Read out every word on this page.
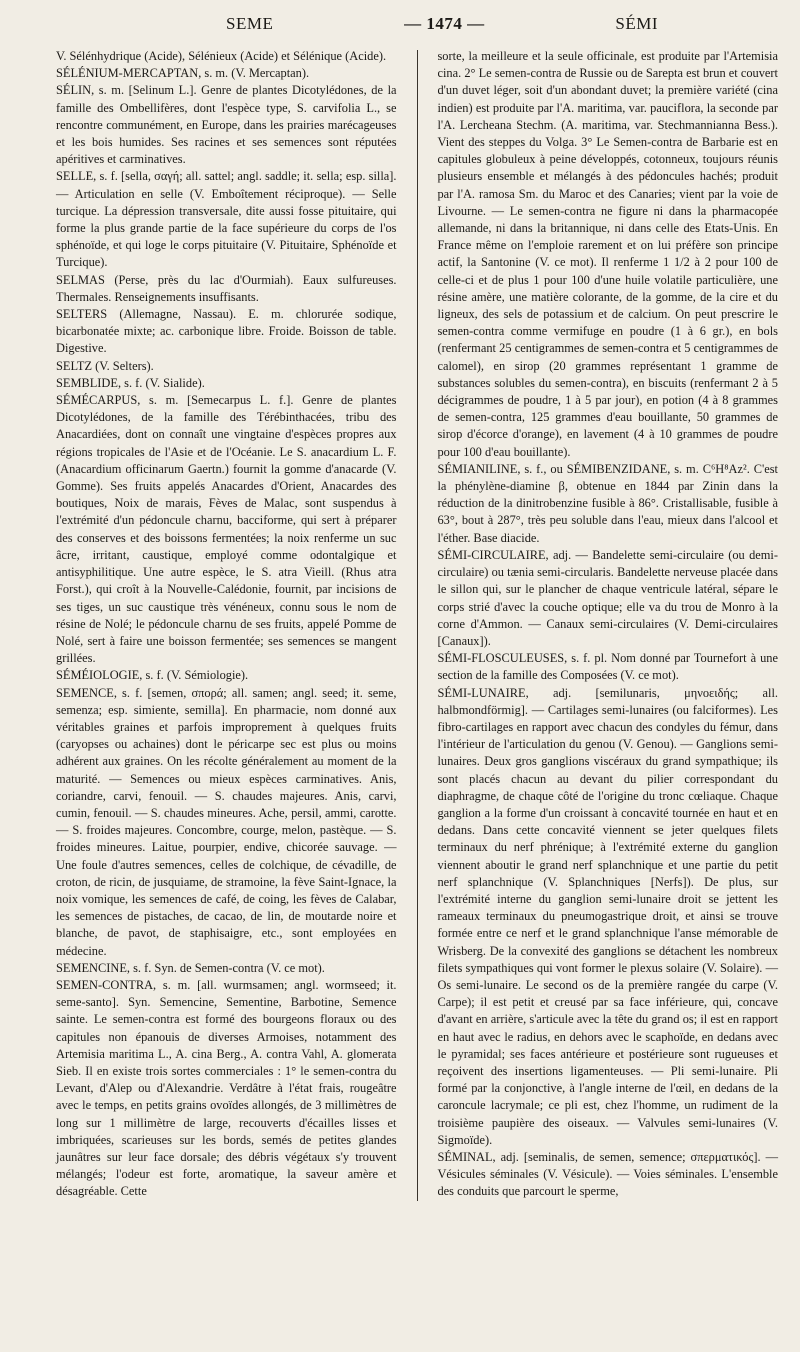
SEME	— 1474 —	SÉMI

V. Sélénhydrique (Acide), Sélénieux (Acide) et Sélénique (Acide).

SÉLÉNIUM-MERCAPTAN, s. m. (V. Mercaptan).

SÉLIN, s. m. [Selinum L.]. Genre de plantes Dicotylédones, de la famille des Ombellifères, dont l'espèce type, S. carvifolia L., se rencontre communément, en Europe, dans les prairies marécageuses et les bois humides. Ses racines et ses semences sont réputées apéritives et carminatives.

SELLE, s. f. [sella, σαγή; all. sattel; angl. saddle; it. sella; esp. silla]. — Articulation en selle (V. Emboîtement réciproque). — Selle turcique. La dépression transversale, dite aussi fosse pituitaire, qui forme la plus grande partie de la face supérieure du corps de l'os sphénoïde, et qui loge le corps pituitaire (V. Pituitaire, Sphénoïde et Turcique).

SELMAS (Perse, près du lac d'Ourmiah). Eaux sulfureuses. Thermales. Renseignements insuffisants.

SELTERS (Allemagne, Nassau). E. m. chlorurée sodique, bicarbonatée mixte; ac. carbonique libre. Froide. Boisson de table. Digestive.

SELTZ (V. Selters).

SEMBLIDE, s. f. (V. Sialide).

SÉMÉCARPUS, s. m. [Semecarpus L. f.]. Genre de plantes Dicotylédones, de la famille des Térébinthacées, tribu des Anacardiées, dont on connaît une vingtaine d'espèces propres aux régions tropicales de l'Asie et de l'Océanie. Le S. anacardium L. F. (Anacardium officinarum Gaertn.) fournit la gomme d'anacarde (V. Gomme). Ses fruits appelés Anacardes d'Orient, Anacardes des boutiques, Noix de marais, Fèves de Malac, sont suspendus à l'extrémité d'un pédoncule charnu, bacciforme, qui sert à préparer des conserves et des boissons fermentées; la noix renferme un suc âcre, irritant, caustique, employé comme odontalgique et antisyphilitique. Une autre espèce, le S. atra Vieill. (Rhus atra Forst.), qui croît à la Nouvelle-Calédonie, fournit, par incisions de ses tiges, un suc caustique très vénéneux, connu sous le nom de résine de Nolé; le pédoncule charnu de ses fruits, appelé Pomme de Nolé, sert à faire une boisson fermentée; ses semences se mangent grillées.

SÉMÉIOLOGIE, s. f. (V. Sémiologie).

SEMENCE, s. f. [semen, σπορά; all. samen; angl. seed; it. seme, semenza; esp. simiente, semilla]. En pharmacie, nom donné aux véritables graines et parfois improprement à quelques fruits (caryopses ou achaines) dont le péricarpe sec est plus ou moins adhérent aux graines. On les récolte généralement au moment de la maturité. — Semences ou mieux espèces carminatives. Anis, coriandre, carvi, fenouil. — S. chaudes majeures. Anis, carvi, cumin, fenouil. — S. chaudes mineures. Ache, persil, ammi, carotte. — S. froides majeures. Concombre, courge, melon, pastèque. — S. froides mineures. Laitue, pourpier, endive, chicorée sauvage. — Une foule d'autres semences, celles de colchique, de cévadille, de croton, de ricin, de jusquiame, de stramoine, la fève Saint-Ignace, la noix vomique, les semences de café, de coing, les fèves de Calabar, les semences de pistaches, de cacao, de lin, de moutarde noire et blanche, de pavot, de staphisaigre, etc., sont employées en médecine.

SEMENCINE, s. f. Syn. de Semen-contra (V. ce mot).

SEMEN-CONTRA, s. m. [all. wurmsamen; angl. wormseed; it. seme-santo]. Syn. Semencine, Sementine, Barbotine, Semence sainte. Le semen-contra est formé des bourgeons floraux ou des capitules non épanouis de diverses Armoises, notamment des Artemisia maritima L., A. cina Berg., A. contra Vahl, A. glomerata Sieb. Il en existe trois sortes commerciales : 1° le semen-contra du Levant, d'Alep ou d'Alexandrie. Verdâtre à l'état frais, rougeâtre avec le temps, en petits grains ovoïdes allongés, de 3 millimètres de long sur 1 millimètre de large, recouverts d'écailles lisses et imbriquées, scarieuses sur les bords, semés de petites glandes jaunâtres sur leur face dorsale; des débris végétaux s'y trouvent mélangés; l'odeur est forte, aromatique, la saveur amère et désagréable. Cette

sorte, la meilleure et la seule officinale, est produite par l'Artemisia cina. 2° Le semen-contra de Russie ou de Sarepta est brun et couvert d'un duvet léger, soit d'un abondant duvet; la première variété (cina indien) est produite par l'A. maritima, var. pauciflora, la seconde par l'A. Lercheana Stechm. (A. maritima, var. Stechmannianna Bess.). Vient des steppes du Volga. 3° Le Semen-contra de Barbarie est en capitules globuleux à peine développés, cotonneux, toujours réunis plusieurs ensemble et mélangés à des pédoncules hachés; produit par l'A. ramosa Sm. du Maroc et des Canaries; vient par la voie de Livourne. — Le semen-contra ne figure ni dans la pharmacopée allemande, ni dans la britannique, ni dans celle des Etats-Unis. En France même on l'emploie rarement et on lui préfère son principe actif, la Santonine (V. ce mot). Il renferme 1 1/2 à 2 pour 100 de celle-ci et de plus 1 pour 100 d'une huile volatile particulière, une résine amère, une matière colorante, de la gomme, de la cire et du ligneux, des sels de potassium et de calcium. On peut prescrire le semen-contra comme vermifuge en poudre (1 à 6 gr.), en bols (renfermant 25 centigrammes de semen-contra et 5 centigrammes de calomel), en sirop (20 grammes représentant 1 gramme de substances solubles du semen-contra), en biscuits (renfermant 2 à 5 décigrammes de poudre, 1 à 5 par jour), en potion (4 à 8 grammes de semen-contra, 125 grammes d'eau bouillante, 50 grammes de sirop d'écorce d'orange), en lavement (4 à 10 grammes de poudre pour 100 d'eau bouillante).

SÉMIANILINE, s. f., ou SÉMIBENZIDANE, s. m. C⁶H⁸Az². C'est la phénylène-diamine β, obtenue en 1844 par Zinin dans la réduction de la dinitrobenzine fusible à 86°. Cristallisable, fusible à 63°, bout à 287°, très peu soluble dans l'eau, mieux dans l'alcool et l'éther. Base diacide.

SÉMI-CIRCULAIRE, adj. — Bandelette semi-circulaire (ou demi-circulaire) ou tænia semi-circularis. Bandelette nerveuse placée dans le sillon qui, sur le plancher de chaque ventricule latéral, sépare le corps strié d'avec la couche optique; elle va du trou de Monro à la corne d'Ammon. — Canaux semi-circulaires (V. Demi-circulaires [Canaux]).

SÉMI-FLOSCULEUSES, s. f. pl. Nom donné par Tournefort à une section de la famille des Composées (V. ce mot).

SÉMI-LUNAIRE, adj. [semilunaris, μηνοειδής; all. halbmondförmig]. — Cartilages semi-lunaires (ou falciformes). Les fibro-cartilages en rapport avec chacun des condyles du fémur, dans l'intérieur de l'articulation du genou (V. Genou). — Ganglions semi-lunaires. Deux gros ganglions viscéraux du grand sympathique; ils sont placés chacun au devant du pilier correspondant du diaphragme, de chaque côté de l'origine du tronc cœliaque. Chaque ganglion a la forme d'un croissant à concavité tournée en haut et en dedans. Dans cette concavité viennent se jeter quelques filets terminaux du nerf phrénique; à l'extrémité externe du ganglion viennent aboutir le grand nerf splanchnique et une partie du petit nerf splanchnique (V. Splanchniques [Nerfs]). De plus, sur l'extrémité interne du ganglion semi-lunaire droit se jettent les rameaux terminaux du pneumogastrique droit, et ainsi se trouve formée entre ce nerf et le grand splanchnique l'anse mémorable de Wrisberg. De la convexité des ganglions se détachent les nombreux filets sympathiques qui vont former le plexus solaire (V. Solaire). — Os semi-lunaire. Le second os de la première rangée du carpe (V. Carpe); il est petit et creusé par sa face inférieure, qui, concave d'avant en arrière, s'articule avec la tête du grand os; il est en rapport en haut avec le radius, en dehors avec le scaphoïde, en dedans avec le pyramidal; ses faces antérieure et postérieure sont rugueuses et reçoivent des insertions ligamenteuses. — Pli semi-lunaire. Pli formé par la conjonctive, à l'angle interne de l'œil, en dedans de la caroncule lacrymale; ce pli est, chez l'homme, un rudiment de la troisième paupière des oiseaux. — Valvules semi-lunaires (V. Sigmoïde).

SÉMINAL, adj. [seminalis, de semen, semence; σπερματικός]. — Vésicules séminales (V. Vésicule). — Voies séminales. L'ensemble des conduits que parcourt le sperme,
